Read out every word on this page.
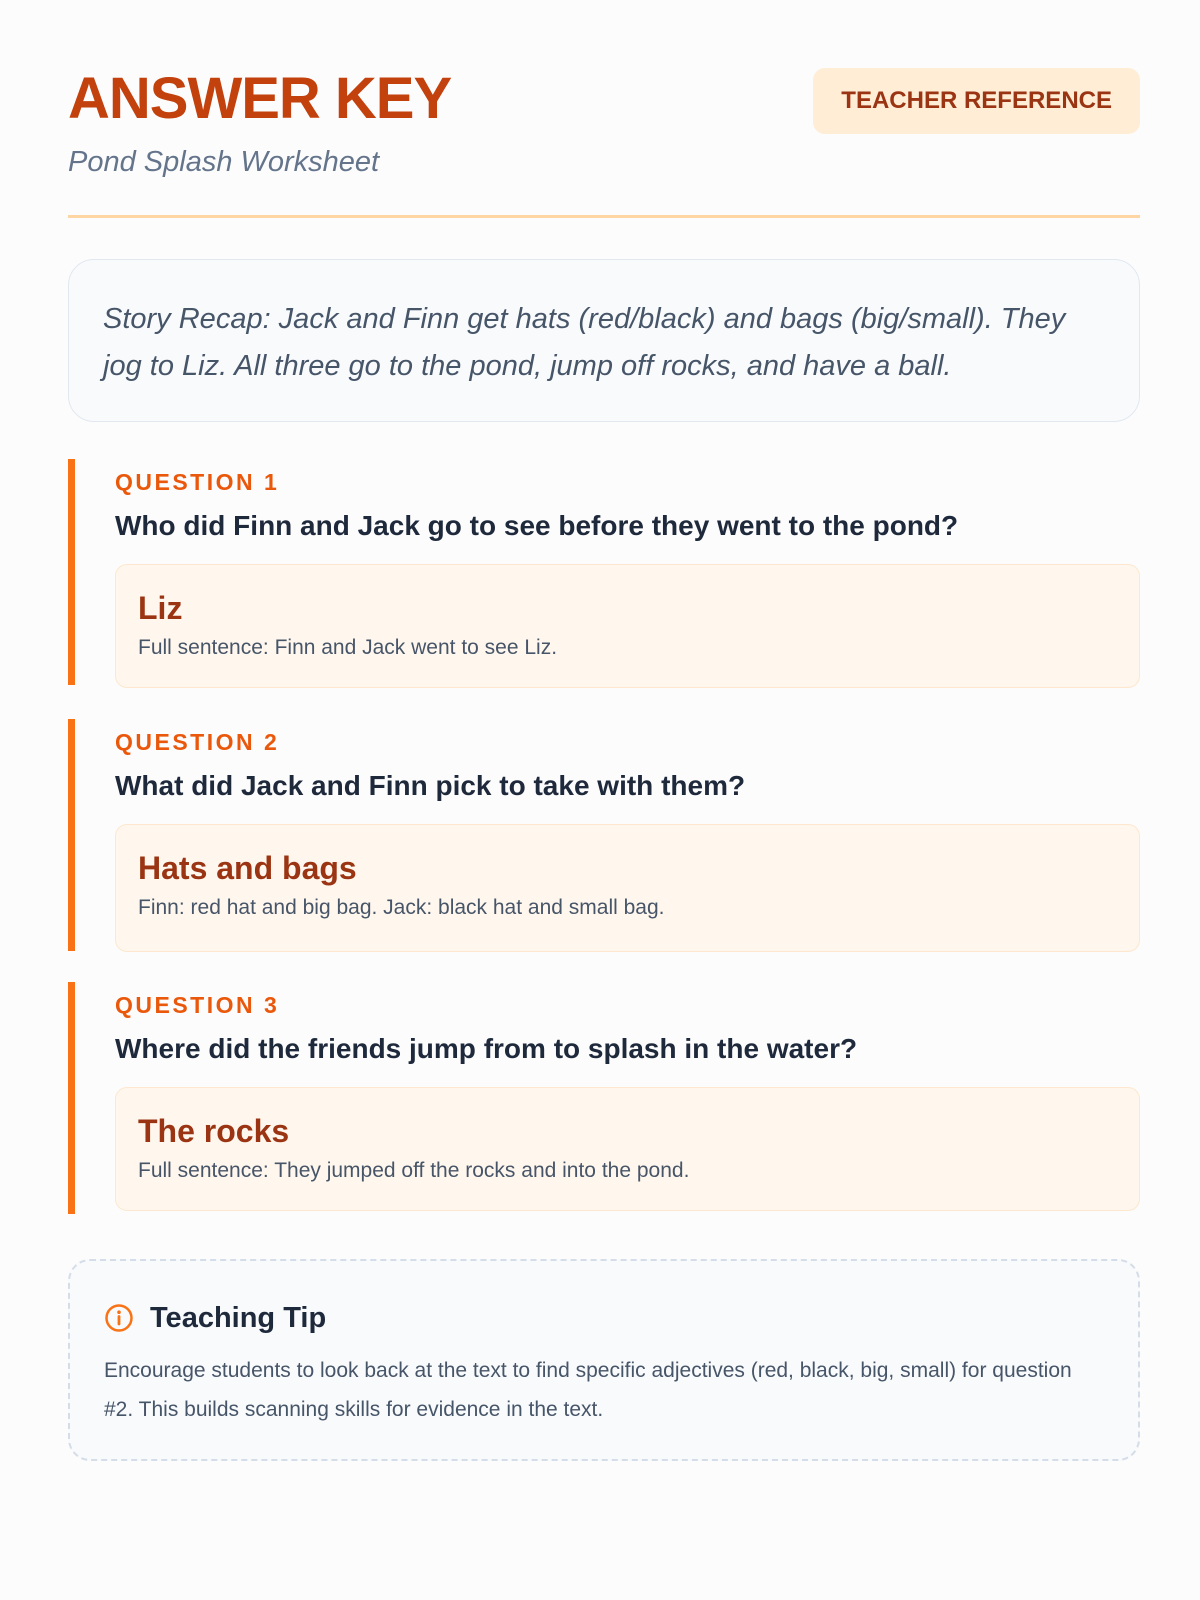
ANSWER KEY
Pond Splash Worksheet
TEACHER REFERENCE
Story Recap: Jack and Finn get hats (red/black) and bags (big/small). They jog to Liz. All three go to the pond, jump off rocks, and have a ball.
QUESTION 1
Who did Finn and Jack go to see before they went to the pond?
Liz
Full sentence: Finn and Jack went to see Liz.
QUESTION 2
What did Jack and Finn pick to take with them?
Hats and bags
Finn: red hat and big bag. Jack: black hat and small bag.
QUESTION 3
Where did the friends jump from to splash in the water?
The rocks
Full sentence: They jumped off the rocks and into the pond.
Teaching Tip
Encourage students to look back at the text to find specific adjectives (red, black, big, small) for question #2. This builds scanning skills for evidence in the text.
